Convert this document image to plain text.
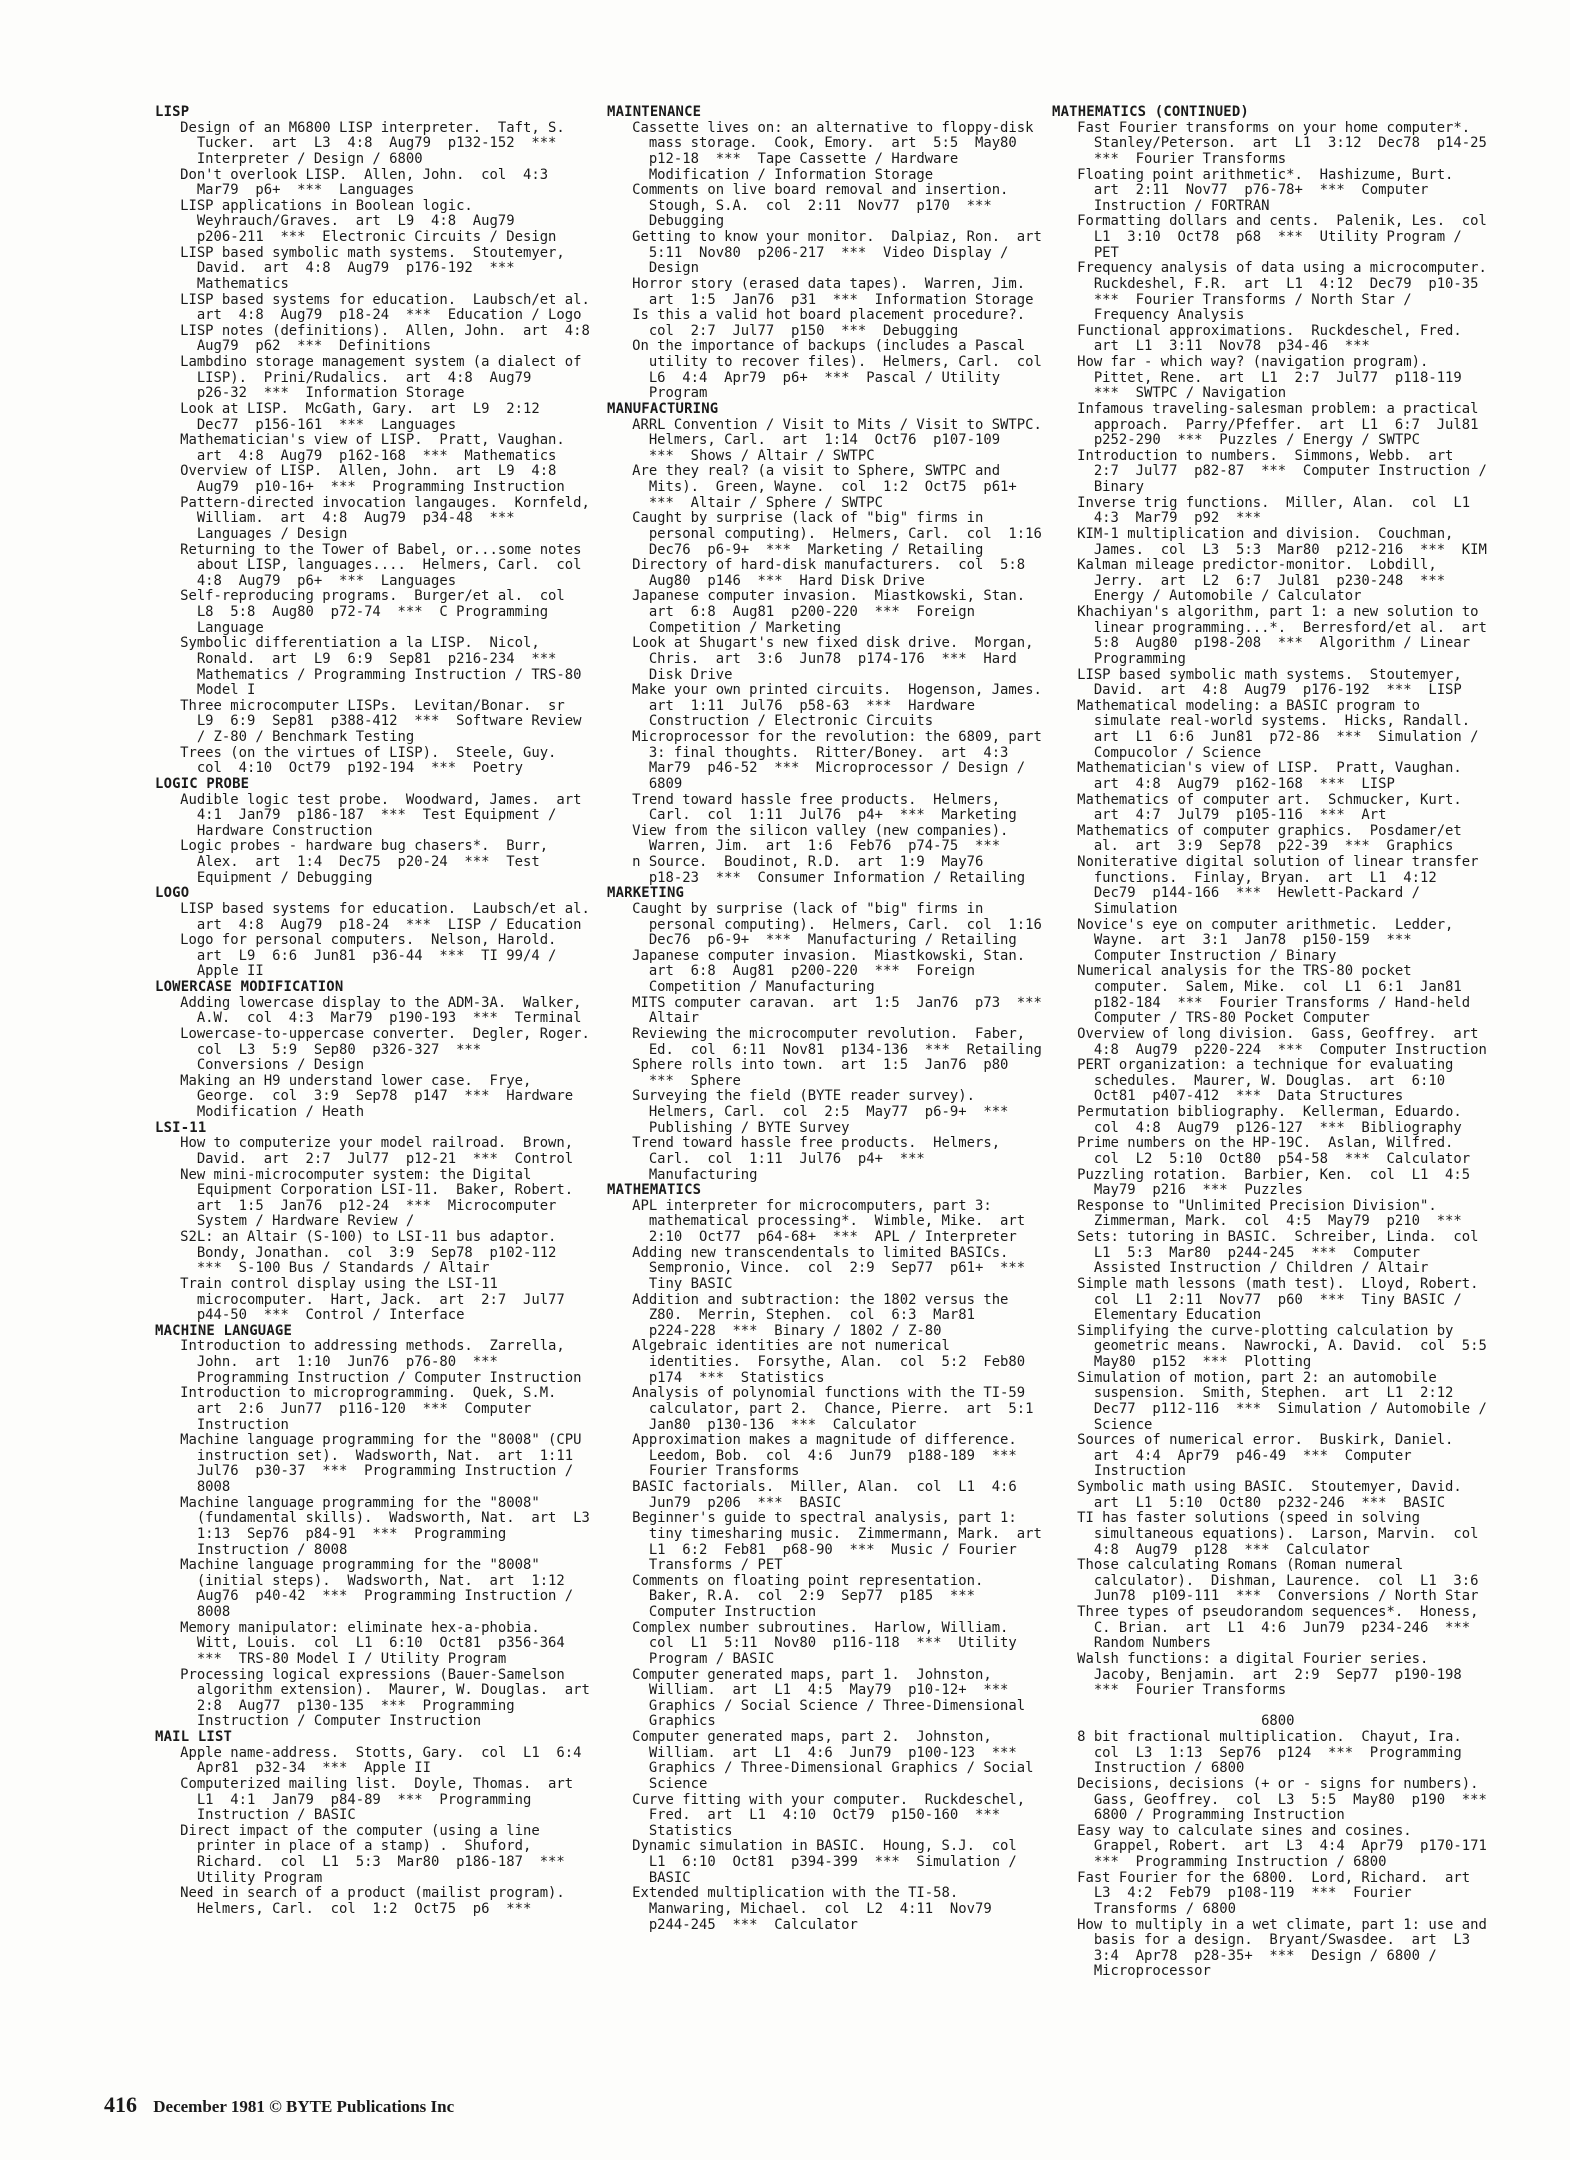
LISP
Design of an M6800 LISP interpreter.  Taft, S.
Tucker.  art  L3  4:8  Aug79  p132-152  ***
Interpreter / Design / 6800
Don't overlook LISP.  Allen, John.  col  4:3
Mar79  p6+  ***  Languages
LISP applications in Boolean logic.
Weyhrauch/Graves.  art  L9  4:8  Aug79
p206-211  ***  Electronic Circuits / Design
LISP based symbolic math systems.  Stoutemyer,
David.  art  4:8  Aug79  p176-192  ***
Mathematics
LISP based systems for education.  Laubsch/et al.
art  4:8  Aug79  p18-24  ***  Education / Logo
LISP notes (definitions).  Allen, John.  art  4:8
Aug79  p62  ***  Definitions
Lambdino storage management system (a dialect of
LISP).  Prini/Rudalics.  art  4:8  Aug79
p26-32  ***  Information Storage
Look at LISP.  McGath, Gary.  art  L9  2:12
Dec77  p156-161  ***  Languages
Mathematician's view of LISP.  Pratt, Vaughan.
art  4:8  Aug79  p162-168  ***  Mathematics
Overview of LISP.  Allen, John.  art  L9  4:8
Aug79  p10-16+  ***  Programming Instruction
Pattern-directed invocation langauges.  Kornfeld,
William.  art  4:8  Aug79  p34-48  ***
Languages / Design
Returning to the Tower of Babel, or...some notes
about LISP, languages....  Helmers, Carl.  col
4:8  Aug79  p6+  ***  Languages
Self-reproducing programs.  Burger/et al.  col
L8  5:8  Aug80  p72-74  ***  C Programming
Language
Symbolic differentiation a la LISP.  Nicol,
Ronald.  art  L9  6:9  Sep81  p216-234  ***
Mathematics / Programming Instruction / TRS-80
Model I
Three microcomputer LISPs.  Levitan/Bonar.  sr
L9  6:9  Sep81  p388-412  ***  Software Review
/ Z-80 / Benchmark Testing
Trees (on the virtues of LISP).  Steele, Guy.
col  4:10  Oct79  p192-194  ***  Poetry
LOGIC PROBE
Audible logic test probe.  Woodward, James.  art
4:1  Jan79  p186-187  ***  Test Equipment /
Hardware Construction
Logic probes - hardware bug chasers*.  Burr,
Alex.  art  1:4  Dec75  p20-24  ***  Test
Equipment / Debugging
LOGO
LISP based systems for education.  Laubsch/et al.
art  4:8  Aug79  p18-24  ***  LISP / Education
Logo for personal computers.  Nelson, Harold.
art  L9  6:6  Jun81  p36-44  ***  TI 99/4 /
Apple II
LOWERCASE MODIFICATION
Adding lowercase display to the ADM-3A.  Walker,
A.W.  col  4:3  Mar79  p190-193  ***  Terminal
Lowercase-to-uppercase converter.  Degler, Roger.
col  L3  5:9  Sep80  p326-327  ***
Conversions / Design
Making an H9 understand lower case.  Frye,
George.  col  3:9  Sep78  p147  ***  Hardware
Modification / Heath
LSI-11
How to computerize your model railroad.  Brown,
David.  art  2:7  Jul77  p12-21  ***  Control
New mini-microcomputer system: the Digital
Equipment Corporation LSI-11.  Baker, Robert.
art  1:5  Jan76  p12-24  ***  Microcomputer
System / Hardware Review /
S2L: an Altair (S-100) to LSI-11 bus adaptor.
Bondy, Jonathan.  col  3:9  Sep78  p102-112
***  S-100 Bus / Standards / Altair
Train control display using the LSI-11
microcomputer.  Hart, Jack.  art  2:7  Jul77
p44-50  ***  Control / Interface
MACHINE LANGUAGE
Introduction to addressing methods.  Zarrella,
John.  art  1:10  Jun76  p76-80  ***
Programming Instruction / Computer Instruction
Introduction to microprogramming.  Quek, S.M.
art  2:6  Jun77  p116-120  ***  Computer
Instruction
Machine language programming for the "8008" (CPU
instruction set).  Wadsworth, Nat.  art  1:11
Jul76  p30-37  ***  Programming Instruction /
8008
Machine language programming for the "8008"
(fundamental skills).  Wadsworth, Nat.  art  L3
1:13  Sep76  p84-91  ***  Programming
Instruction / 8008
Machine language programming for the "8008"
(initial steps).  Wadsworth, Nat.  art  1:12
Aug76  p40-42  ***  Programming Instruction /
8008
Memory manipulator: eliminate hex-a-phobia.
Witt, Louis.  col  L1  6:10  Oct81  p356-364
***  TRS-80 Model I / Utility Program
Processing logical expressions (Bauer-Samelson
algorithm extension).  Maurer, W. Douglas.  art
2:8  Aug77  p130-135  ***  Programming
Instruction / Computer Instruction
MAIL LIST
Apple name-address.  Stotts, Gary.  col  L1  6:4
Apr81  p32-34  ***  Apple II
Computerized mailing list.  Doyle, Thomas.  art
L1  4:1  Jan79  p84-89  ***  Programming
Instruction / BASIC
Direct impact of the computer (using a line
printer in place of a stamp) .  Shuford,
Richard.  col  L1  5:3  Mar80  p186-187  ***
Utility Program
Need in search of a product (mailist program).
Helmers, Carl.  col  1:2  Oct75  p6  ***
MAINTENANCE
Cassette lives on: an alternative to floppy-disk
mass storage.  Cook, Emory.  art  5:5  May80
p12-18  ***  Tape Cassette / Hardware
Modification / Information Storage
Comments on live board removal and insertion.
Stough, S.A.  col  2:11  Nov77  p170  ***
Debugging
Getting to know your monitor.  Dalpiaz, Ron.  art
5:11  Nov80  p206-217  ***  Video Display /
Design
Horror story (erased data tapes).  Warren, Jim.
art  1:5  Jan76  p31  ***  Information Storage
Is this a valid hot board placement procedure?.
col  2:7  Jul77  p150  ***  Debugging
On the importance of backups (includes a Pascal
utility to recover files).  Helmers, Carl.  col
L6  4:4  Apr79  p6+  ***  Pascal / Utility
Program
MANUFACTURING
ARRL Convention / Visit to Mits / Visit to SWTPC.
Helmers, Carl.  art  1:14  Oct76  p107-109
***  Shows / Altair / SWTPC
Are they real? (a visit to Sphere, SWTPC and
Mits).  Green, Wayne.  col  1:2  Oct75  p61+
***  Altair / Sphere / SWTPC
Caught by surprise (lack of "big" firms in
personal computing).  Helmers, Carl.  col  1:16
Dec76  p6-9+  ***  Marketing / Retailing
Directory of hard-disk manufacturers.  col  5:8
Aug80  p146  ***  Hard Disk Drive
Japanese computer invasion.  Miastkowski, Stan.
art  6:8  Aug81  p200-220  ***  Foreign
Competition / Marketing
Look at Shugart's new fixed disk drive.  Morgan,
Chris.  art  3:6  Jun78  p174-176  ***  Hard
Disk Drive
Make your own printed circuits.  Hogenson, James.
art  1:11  Jul76  p58-63  ***  Hardware
Construction / Electronic Circuits
Microprocessor for the revolution: the 6809, part
3: final thoughts.  Ritter/Boney.  art  4:3
Mar79  p46-52  ***  Microprocessor / Design /
6809
Trend toward hassle free products.  Helmers,
Carl.  col  1:11  Jul76  p4+  ***  Marketing
View from the silicon valley (new companies).
Warren, Jim.  art  1:6  Feb76  p74-75  ***
n Source.  Boudinot, R.D.  art  1:9  May76
p18-23  ***  Consumer Information / Retailing
MARKETING
Caught by surprise (lack of "big" firms in
personal computing).  Helmers, Carl.  col  1:16
Dec76  p6-9+  ***  Manufacturing / Retailing
Japanese computer invasion.  Miastkowski, Stan.
art  6:8  Aug81  p200-220  ***  Foreign
Competition / Manufacturing
MITS computer caravan.  art  1:5  Jan76  p73  ***
Altair
Reviewing the microcomputer revolution.  Faber,
Ed.  col  6:11  Nov81  p134-136  ***  Retailing
Sphere rolls into town.  art  1:5  Jan76  p80
***  Sphere
Surveying the field (BYTE reader survey).
Helmers, Carl.  col  2:5  May77  p6-9+  ***
Publishing / BYTE Survey
Trend toward hassle free products.  Helmers,
Carl.  col  1:11  Jul76  p4+  ***
Manufacturing
MATHEMATICS
APL interpreter for microcomputers, part 3:
mathematical processing*.  Wimble, Mike.  art
2:10  Oct77  p64-68+  ***  APL / Interpreter
Adding new transcendentals to limited BASICs.
Sempronio, Vince.  col  2:9  Sep77  p61+  ***
Tiny BASIC
Addition and subtraction: the 1802 versus the
Z80.  Merrin, Stephen.  col  6:3  Mar81
p224-228  ***  Binary / 1802 / Z-80
Algebraic identities are not numerical
identities.  Forsythe, Alan.  col  5:2  Feb80
p174  ***  Statistics
Analysis of polynomial functions with the TI-59
calculator, part 2.  Chance, Pierre.  art  5:1
Jan80  p130-136  ***  Calculator
Approximation makes a magnitude of difference.
Leedom, Bob.  col  4:6  Jun79  p188-189  ***
Fourier Transforms
BASIC factorials.  Miller, Alan.  col  L1  4:6
Jun79  p206  ***  BASIC
Beginner's guide to spectral analysis, part 1:
tiny timesharing music.  Zimmermann, Mark.  art
L1  6:2  Feb81  p68-90  ***  Music / Fourier
Transforms / PET
Comments on floating point representation.
Baker, R.A.  col  2:9  Sep77  p185  ***
Computer Instruction
Complex number subroutines.  Harlow, William.
col  L1  5:11  Nov80  p116-118  ***  Utility
Program / BASIC
Computer generated maps, part 1.  Johnston,
William.  art  L1  4:5  May79  p10-12+  ***
Graphics / Social Science / Three-Dimensional
Graphics
Computer generated maps, part 2.  Johnston,
William.  art  L1  4:6  Jun79  p100-123  ***
Graphics / Three-Dimensional Graphics / Social
Science
Curve fitting with your computer.  Ruckdeschel,
Fred.  art  L1  4:10  Oct79  p150-160  ***
Statistics
Dynamic simulation in BASIC.  Houng, S.J.  col
L1  6:10  Oct81  p394-399  ***  Simulation /
BASIC
Extended multiplication with the TI-58.
Manwaring, Michael.  col  L2  4:11  Nov79
p244-245  ***  Calculator
MATHEMATICS (CONTINUED)
Fast Fourier transforms on your home computer*.
Stanley/Peterson.  art  L1  3:12  Dec78  p14-25
***  Fourier Transforms
Floating point arithmetic*.  Hashizume, Burt.
art  2:11  Nov77  p76-78+  ***  Computer
Instruction / FORTRAN
Formatting dollars and cents.  Palenik, Les.  col
L1  3:10  Oct78  p68  ***  Utility Program /
PET
Frequency analysis of data using a microcomputer.
Ruckdeshel, F.R.  art  L1  4:12  Dec79  p10-35
***  Fourier Transforms / North Star /
Frequency Analysis
Functional approximations.  Ruckdeschel, Fred.
art  L1  3:11  Nov78  p34-46  ***
How far - which way? (navigation program).
Pittet, Rene.  art  L1  2:7  Jul77  p118-119
***  SWTPC / Navigation
Infamous traveling-salesman problem: a practical
approach.  Parry/Pfeffer.  art  L1  6:7  Jul81
p252-290  ***  Puzzles / Energy / SWTPC
Introduction to numbers.  Simmons, Webb.  art
2:7  Jul77  p82-87  ***  Computer Instruction /
Binary
Inverse trig functions.  Miller, Alan.  col  L1
4:3  Mar79  p92  ***
KIM-1 multiplication and division.  Couchman,
James.  col  L3  5:3  Mar80  p212-216  ***  KIM
Kalman mileage predictor-monitor.  Lobdill,
Jerry.  art  L2  6:7  Jul81  p230-248  ***
Energy / Automobile / Calculator
Khachiyan's algorithm, part 1: a new solution to
linear programming...*.  Berresford/et al.  art
5:8  Aug80  p198-208  ***  Algorithm / Linear
Programming
LISP based symbolic math systems.  Stoutemyer,
David.  art  4:8  Aug79  p176-192  ***  LISP
Mathematical modeling: a BASIC program to
simulate real-world systems.  Hicks, Randall.
art  L1  6:6  Jun81  p72-86  ***  Simulation /
Compucolor / Science
Mathematician's view of LISP.  Pratt, Vaughan.
art  4:8  Aug79  p162-168  ***  LISP
Mathematics of computer art.  Schmucker, Kurt.
art  4:7  Jul79  p105-116  ***  Art
Mathematics of computer graphics.  Posdamer/et
al.  art  3:9  Sep78  p22-39  ***  Graphics
Noniterative digital solution of linear transfer
functions.  Finlay, Bryan.  art  L1  4:12
Dec79  p144-166  ***  Hewlett-Packard /
Simulation
Novice's eye on computer arithmetic.  Ledder,
Wayne.  art  3:1  Jan78  p150-159  ***
Computer Instruction / Binary
Numerical analysis for the TRS-80 pocket
computer.  Salem, Mike.  col  L1  6:1  Jan81
p182-184  ***  Fourier Transforms / Hand-held
Computer / TRS-80 Pocket Computer
Overview of long division.  Gass, Geoffrey.  art
4:8  Aug79  p220-224  ***  Computer Instruction
PERT organization: a technique for evaluating
schedules.  Maurer, W. Douglas.  art  6:10
Oct81  p407-412  ***  Data Structures
Permutation bibliography.  Kellerman, Eduardo.
col  4:8  Aug79  p126-127  ***  Bibliography
Prime numbers on the HP-19C.  Aslan, Wilfred.
col  L2  5:10  Oct80  p54-58  ***  Calculator
Puzzling rotation.  Barbier, Ken.  col  L1  4:5
May79  p216  ***  Puzzles
Response to "Unlimited Precision Division".
Zimmerman, Mark.  col  4:5  May79  p210  ***
Sets: tutoring in BASIC.  Schreiber, Linda.  col
L1  5:3  Mar80  p244-245  ***  Computer
Assisted Instruction / Children / Altair
Simple math lessons (math test).  Lloyd, Robert.
col  L1  2:11  Nov77  p60  ***  Tiny BASIC /
Elementary Education
Simplifying the curve-plotting calculation by
geometric means.  Nawrocki, A. David.  col  5:5
May80  p152  ***  Plotting
Simulation of motion, part 2: an automobile
suspension.  Smith, Stephen.  art  L1  2:12
Dec77  p112-116  ***  Simulation / Automobile /
Science
Sources of numerical error.  Buskirk, Daniel.
art  4:4  Apr79  p46-49  ***  Computer
Instruction
Symbolic math using BASIC.  Stoutemyer, David.
art  L1  5:10  Oct80  p232-246  ***  BASIC
TI has faster solutions (speed in solving
simultaneous equations).  Larson, Marvin.  col
4:8  Aug79  p128  ***  Calculator
Those calculating Romans (Roman numeral
calculator).  Dishman, Laurence.  col  L1  3:6
Jun78  p109-111  ***  Conversions / North Star
Three types of pseudorandom sequences*.  Honess,
C. Brian.  art  L1  4:6  Jun79  p234-246  ***
Random Numbers
Walsh functions: a digital Fourier series.
Jacoby, Benjamin.  art  2:9  Sep77  p190-198
***  Fourier Transforms

6800
8 bit fractional multiplication.  Chayut, Ira.
col  L3  1:13  Sep76  p124  ***  Programming
Instruction / 6800
Decisions, decisions (+ or - signs for numbers).
Gass, Geoffrey.  col  L3  5:5  May80  p190  ***
6800 / Programming Instruction
Easy way to calculate sines and cosines.
Grappel, Robert.  art  L3  4:4  Apr79  p170-171
***  Programming Instruction / 6800
Fast Fourier for the 6800.  Lord, Richard.  art
L3  4:2  Feb79  p108-119  ***  Fourier
Transforms / 6800
How to multiply in a wet climate, part 1: use and
basis for a design.  Bryant/Swasdee.  art  L3
3:4  Apr78  p28-35+  ***  Design / 6800 /
Microprocessor
416 December 1981 © BYTE Publications Inc
